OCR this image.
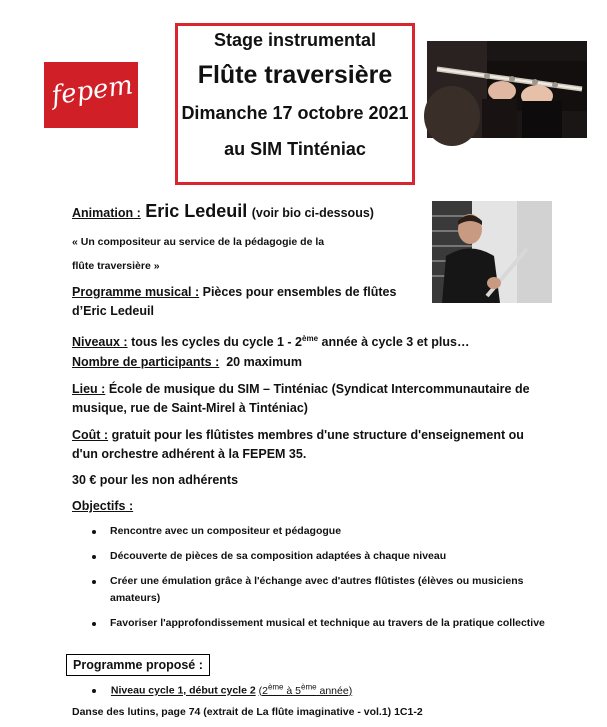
fepem 35
Stage instrumental
Flûte traversière
Dimanche 17 octobre 2021
au SIM Tinténiac
Animation : Eric Ledeuil (voir bio ci-dessous)
« Un compositeur au service de la pédagogie de la
flûte traversière »
Programme musical : Pièces pour ensembles de flûtes
d’Eric Ledeuil
Niveaux : tous les cycles du cycle 1 - 2ème année à cycle 3 et plus…
Nombre de participants : 20 maximum
Lieu : École de musique du SIM – Tinténiac (Syndicat Intercommunautaire de
musique, rue de Saint-Mirel à Tinténiac)
Coût : gratuit pour les flûtistes membres d'une structure d'enseignement ou
d'un orchestre adhérent à la FEPEM 35.
30 € pour les non adhérents
Objectifs :
Rencontre avec un compositeur et pédagogue
Découverte de pièces de sa composition adaptées à chaque niveau
Créer une émulation grâce à l'échange avec d'autres flûtistes (élèves ou musiciens amateurs)
Favoriser l'approfondissement musical et technique au travers de la pratique collective
Programme proposé :
Niveau cycle 1, début cycle 2 (2ème à 5ème année)
Danse des lutins, page 74 (extrait de La flûte imaginative - vol.1) 1C1-2
